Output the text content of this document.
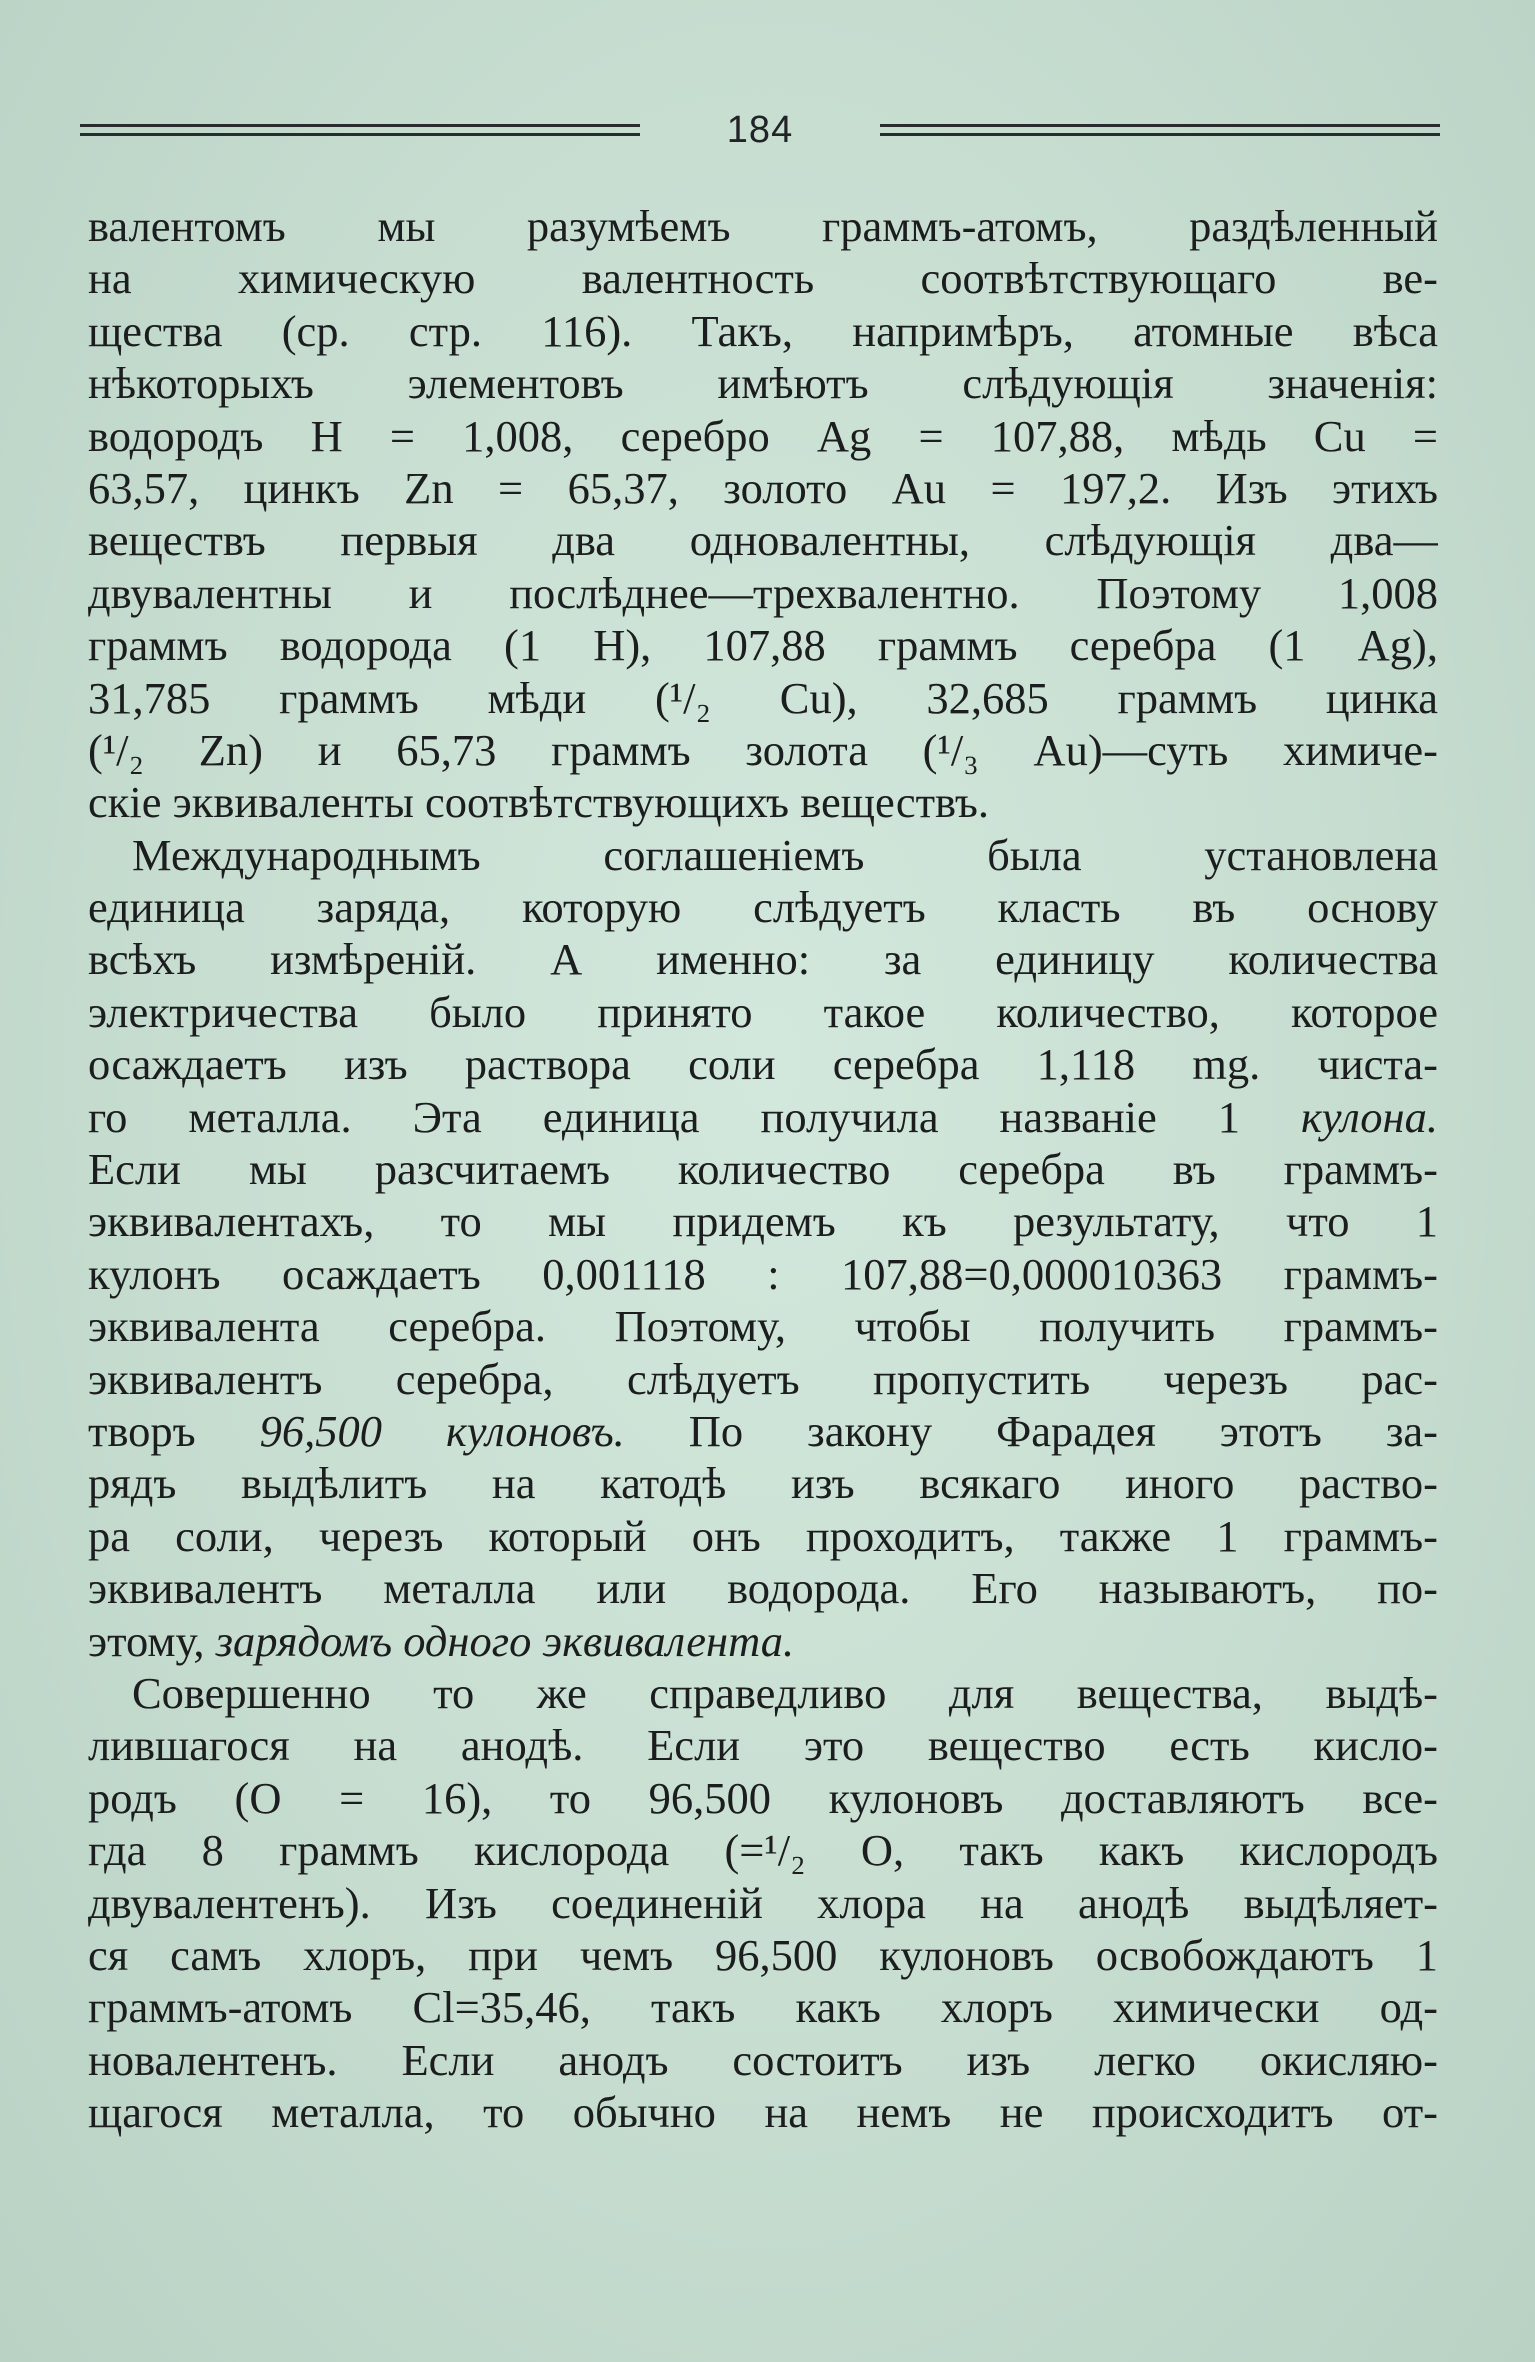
184
валентомъ мы разумѣемъ граммъ-атомъ, раздѣленный
на химическую валентность соотвѣтствующаго ве-
щества (ср. стр. 116). Такъ, напримѣръ, атомные вѣса
нѣкоторыхъ элементовъ имѣютъ слѣдующія значенія:
водородъ H = 1,008, серебро Ag = 107,88, мѣдь Cu =
63,57, цинкъ Zn = 65,37, золото Au = 197,2. Изъ этихъ
веществъ первыя два одновалентны, слѣдующія два—
двувалентны и послѣднее—трехвалентно. Поэтому 1,008
граммъ водорода (1 H), 107,88 граммъ серебра (1 Ag),
31,785 граммъ мѣди (¹/₂ Cu), 32,685 граммъ цинка
(¹/₂ Zn) и 65,73 граммъ золота (¹/₃ Au)—суть химиче-
скіе эквиваленты соотвѣтствующихъ веществъ.
Международнымъ соглашеніемъ была установлена
единица заряда, которую слѣдуетъ класть въ основу
всѣхъ измѣреній. А именно: за единицу количества
электричества было принято такое количество, которое
осаждаетъ изъ раствора соли серебра 1,118 mg. чиста-
го металла. Эта единица получила названіе 1 кулона.
Если мы разсчитаемъ количество серебра въ граммъ-
эквивалентахъ, то мы придемъ къ результату, что 1
кулонъ осаждаетъ 0,001118 : 107,88=0,000010363 граммъ-
эквивалента серебра. Поэтому, чтобы получить граммъ-
эквивалентъ серебра, слѣдуетъ пропустить черезъ рас-
творъ 96,500 кулоновъ. По закону Фарадея этотъ за-
рядъ выдѣлитъ на катодѣ изъ всякаго иного раство-
ра соли, черезъ который онъ проходитъ, также 1 граммъ-
эквивалентъ металла или водорода. Его называютъ, по-
этому, зарядомъ одного эквивалента.
Совершенно то же справедливо для вещества, выдѣ-
лившагося на анодѣ. Если это вещество есть кисло-
родъ (O = 16), то 96,500 кулоновъ доставляютъ все-
гда 8 граммъ кислорода (=¹/₂ O, такъ какъ кислородъ
двувалентенъ). Изъ соединеній хлора на анодѣ выдѣляет-
ся самъ хлоръ, при чемъ 96,500 кулоновъ освобождаютъ 1
граммъ-атомъ Cl=35,46, такъ какъ хлоръ химически од-
новалентенъ. Если анодъ состоитъ изъ легко окисляю-
щагося металла, то обычно на немъ не происходитъ от-
